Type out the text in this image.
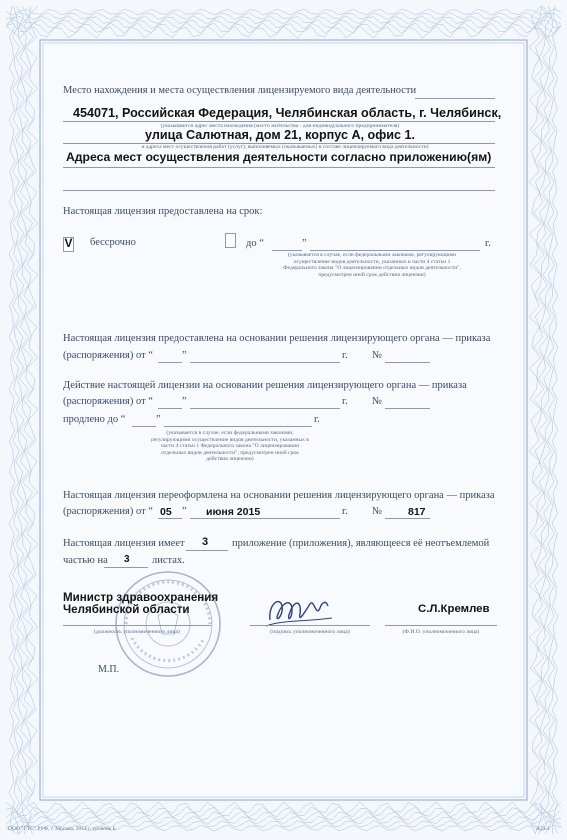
Место нахождения и места осуществления лицензируемого вида деятельности
454071, Российская Федерация, Челябинская область, г. Челябинск,
(указываются адрес места нахождения (место жительства - для индивидуального предпринимателя)
улица Салютная, дом 21, корпус А, офис 1.
и адреса мест осуществления работ (услуг), выполняемых (оказываемых) в составе лицензируемого вида деятельности)
Адреса мест осуществления деятельности согласно приложению(ям)
Настоящая лицензия предоставлена на срок:
V бессрочно	до “	”	г.
(указывается в случае, если федеральными законами, регулирующими осуществление видов деятельности, указанных в части 4 статьи 1 Федерального закона "О лицензировании отдельных видов деятельности", предусмотрен иной срок действия лицензии)
Настоящая лицензия предоставлена на основании решения лицензирующего органа — приказа
(распоряжения) от “	”	г. №
Действие настоящей лицензии на основании решения лицензирующего органа — приказа
(распоряжения) от “	”	г. №
продлено до “	”	г.
(указывается в случае, если федеральными законами, регулирующими осуществление видов деятельности, указанных в части 4 статьи 1 Федерального закона "О лицензировании отдельных видов деятельности", предусмотрен иной срок действия лицензии)
Настоящая лицензия переоформлена на основании решения лицензирующего органа — приказа
(распоряжения) от “ 05 ” июня 2015	г. № 817
Настоящая лицензия имеет 3 приложение (приложения), являющееся её неотъемлемой
частью на 3 листах.
Министр здравоохранения
Челябинской области
(должность уполномоченного лица)	(подпись уполномоченного лица)
С.Л.Кремлев
(Ф.И.О. уполномоченного лица)
М.П.
ООО "ГТС" РУФ, г. Москва, 2014 г. уровень Б	А23-1
